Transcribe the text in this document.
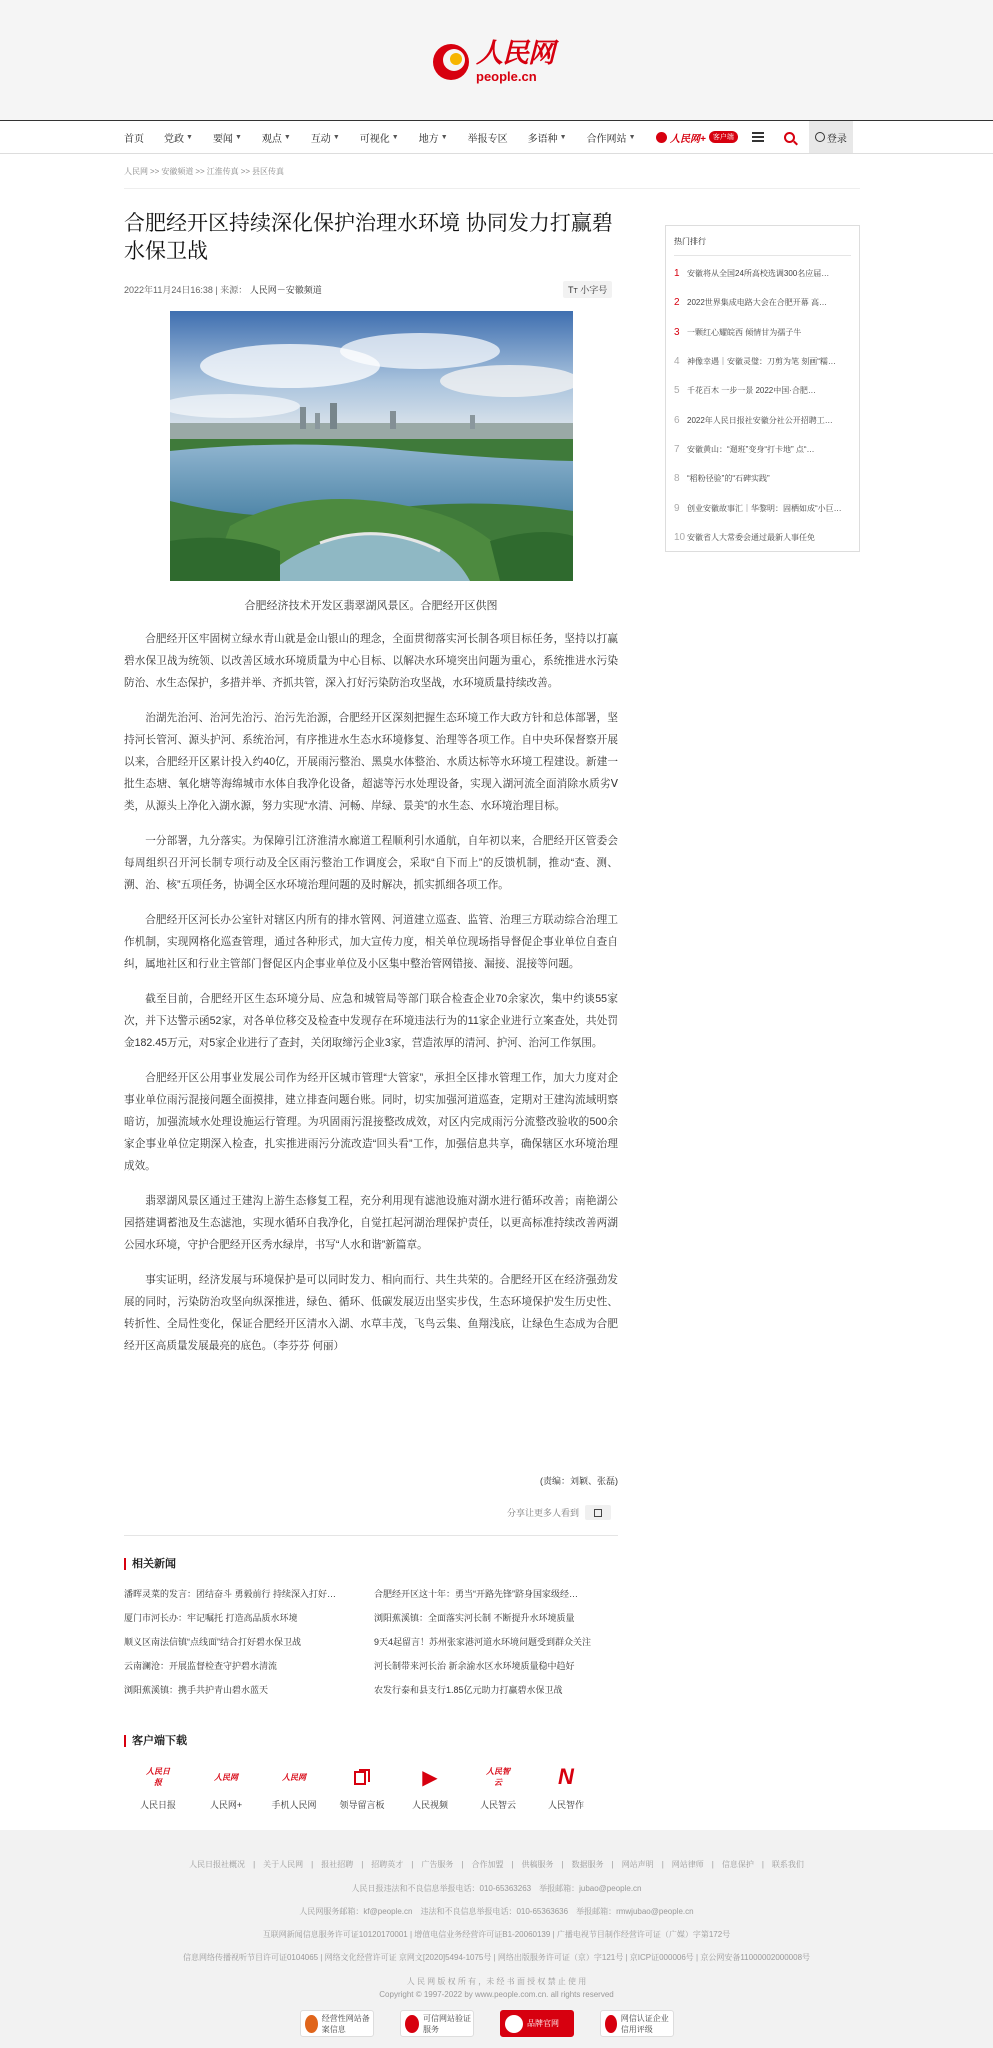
人民网
people.cn
首页 党政 ▼ 要闻 ▼ 观点 ▼ 互动 ▼ 可视化 ▼ 地方 ▼ 举报专区 多语种 ▼ 合作网站 ▼	人民网+	客户端	登录
人民网 >> 安徽频道 >> 江淮传真 >> 县区传真
合肥经开区持续深化保护治理水环境 协同发力打赢碧水保卫战
2022年11月24日16:38 | 来源： 人民网－安徽频道	TT 小字号
合肥经济技术开发区翡翠湖风景区。合肥经开区供图

合肥经开区牢固树立绿水青山就是金山银山的理念，全面贯彻落实河长制各项目标任务，坚持以打赢碧水保卫战为统领、以改善区域水环境质量为中心目标、以解决水环境突出问题为重心，系统推进水污染防治、水生态保护，多措并举、齐抓共管，深入打好污染防治攻坚战，水环境质量持续改善。

治湖先治河、治河先治污、治污先治源，合肥经开区深刻把握生态环境工作大政方针和总体部署，坚持河长管河、源头护河、系统治河，有序推进水生态水环境修复、治理等各项工作。自中央环保督察开展以来，合肥经开区累计投入约40亿，开展雨污整治、黑臭水体整治、水质达标等水环境工程建设。新建一批生态塘、氧化塘等海绵城市水体自我净化设备，超滤等污水处理设备，实现入湖河流全面消除水质劣Ⅴ类，从源头上净化入湖水源，努力实现“水清、河畅、岸绿、景美”的水生态、水环境治理目标。

一分部署，九分落实。为保障引江济淮清水廊道工程顺利引水通航，自年初以来，合肥经开区管委会每周组织召开河长制专项行动及全区雨污整治工作调度会，采取“自下而上”的反馈机制，推动“查、测、溯、治、核”五项任务，协调全区水环境治理问题的及时解决，抓实抓细各项工作。

合肥经开区河长办公室针对辖区内所有的排水管网、河道建立巡查、监管、治理三方联动综合治理工作机制，实现网格化巡查管理，通过各种形式，加大宣传力度，相关单位现场指导督促企事业单位自查自纠，属地社区和行业主管部门督促区内企事业单位及小区集中整治管网错接、漏接、混接等问题。

截至目前，合肥经开区生态环境分局、应急和城管局等部门联合检查企业70余家次，集中约谈55家次，并下达警示函52家，对各单位移交及检查中发现存在环境违法行为的11家企业进行立案查处，共处罚金182.45万元，对5家企业进行了查封，关闭取缔污企业3家，营造浓厚的清河、护河、治河工作氛围。

合肥经开区公用事业发展公司作为经开区城市管理“大管家”，承担全区排水管理工作，加大力度对企事业单位雨污混接问题全面摸排，建立排查问题台账。同时，切实加强河道巡查，定期对王建沟流域明察暗访，加强流域水处理设施运行管理。为巩固雨污混接整改成效，对区内完成雨污分流整改验收的500余家企事业单位定期深入检查，扎实推进雨污分流改造“回头看”工作，加强信息共享，确保辖区水环境治理成效。

翡翠湖风景区通过王建沟上游生态修复工程，充分利用现有滤池设施对湖水进行循环改善；南艳湖公园搭建调蓄池及生态滤池，实现水循环自我净化，自觉扛起河湖治理保护责任，以更高标准持续改善两湖公园水环境，守护合肥经开区秀水绿岸，书写“人水和谐”新篇章。

事实证明，经济发展与环境保护是可以同时发力、相向而行、共生共荣的。合肥经开区在经济强劲发展的同时，污染防治攻坚向纵深推进，绿色、循环、低碳发展迈出坚实步伐，生态环境保护发生历史性、转折性、全局性变化，保证合肥经开区清水入湖、水草丰茂，飞鸟云集、鱼翔浅底，让绿色生态成为合肥经开区高质量发展最亮的底色。（李芬芬 何丽）

(责编：刘颖、张磊)
分享让更多人看到
相关新闻
潘晖灵菜的发言：团结奋斗 勇毅前行 持续深入打好…	合肥经开区这十年：勇当“开路先锋”跻身国家级经…
厦门市河长办：牢记嘱托 打造高品质水环境	浏阳蕉溪镇：全面落实河长制 不断提升水环境质量
顺义区南法信镇“点线面”结合打好碧水保卫战	9天4起留言！苏州张家港河道水环境问题受到群众关注
云南澜沧：开展监督检查守护碧水清流	河长制带来河长治 新余渝水区水环境质量稳中趋好
浏阳蕉溪镇：携手共护青山碧水蓝天	农发行泰和县支行1.85亿元助力打赢碧水保卫战
客户端下载
人民日报
人民日报
人民网
人民网+
人民网
手机人民网	领导留言板
▶
人民视频
人民智云
人民智云
N
人民智作
热门排行
1 安徽将从全国24所高校选调300名应届…
2 2022世界集成电路大会在合肥开幕 高…
3 一颗红心耀皖西 倾情甘为孺子牛
4 神像幸遇｜安徽灵璧：刀剪为笔 刻画“糯…
5 千花百木 一步一景 2022中国·合肥…
6 2022年人民日报社安徽分社公开招聘工…
7 安徽黄山：“遛班”变身“打卡地” 点“…
8 “稻粉径验”的“石碑实践”
9 创业安徽故事汇｜华黎明：固栖如成“小巨…
10 安徽省人大常委会通过最新人事任免
人民日报社概况 | 关于人民网 | 报社招聘 | 招聘英才 | 广告服务 | 合作加盟 | 供稿服务 | 数据服务 | 网站声明 | 网站律师 | 信息保护 | 联系我们
人民日报违法和不良信息举报电话：010-65363263　举报邮箱：jubao@people.cn
人民网服务邮箱：kf@people.cn　违法和不良信息举报电话：010-65363636　举报邮箱：rmwjubao@people.cn
互联网新闻信息服务许可证10120170001 | 增值电信业务经营许可证B1-20060139 | 广播电视节目制作经营许可证（广媒）字第172号
信息网络传播视听节目许可证0104065 | 网络文化经营许可证 京网文[2020]5494-1075号 | 网络出版服务许可证（京）字121号 | 京ICP证000006号 | 京公网安备11000002000008号
人 民 网 版 权 所 有 ，未 经 书 面 授 权 禁 止 使 用
Copyright © 1997-2022 by www.people.com.cn. all rights reserved
经营性网站备案信息
可信网站验证服务
品牌官网
网信认证企业信用评级
